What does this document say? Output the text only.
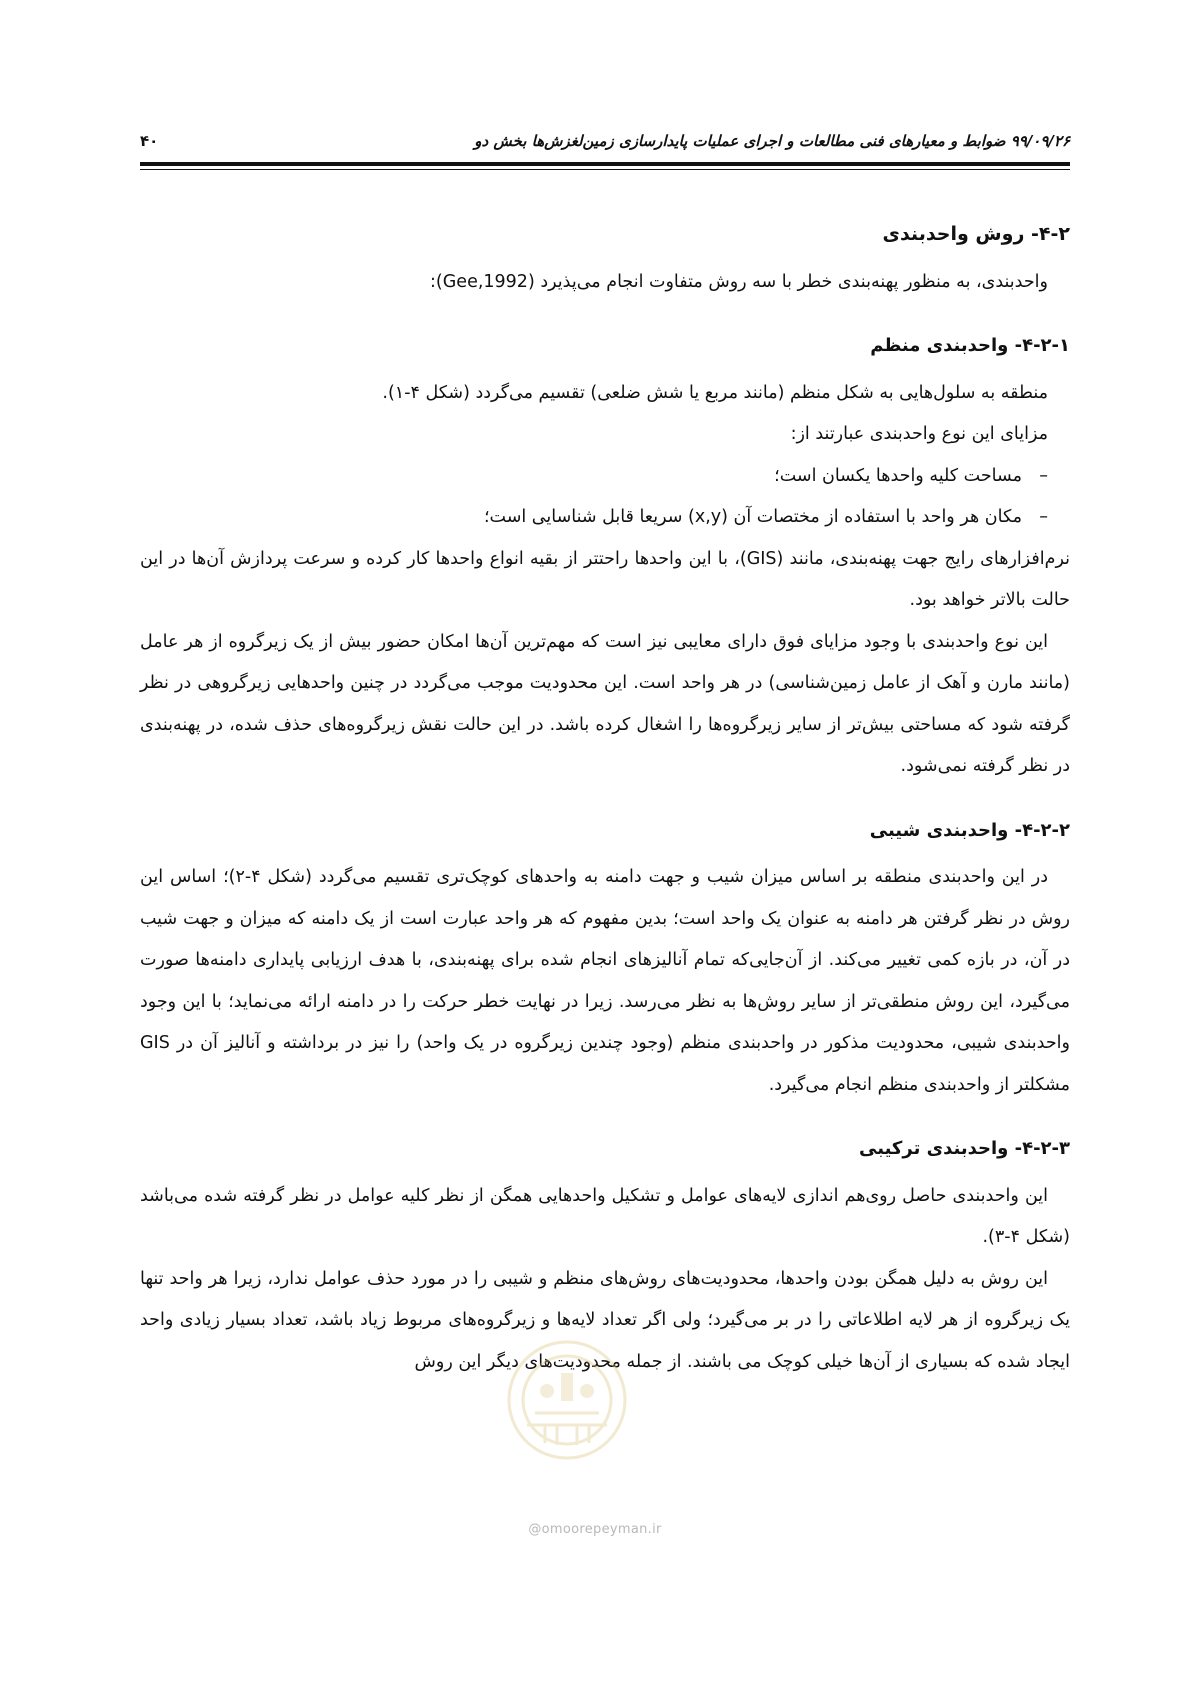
۹۹/۰۹/۲۶ ضوابط و معیارهای فنی مطالعات و اجرای عملیات پایدارسازی زمین‌لغزش‌ها بخش دو
۴۰
۴-۲- روش واحدبندی

واحدبندی، به منظور پهنه‌بندی خطر با سه روش متفاوت انجام می‌پذیرد (Gee,1992):

۴-۲-۱- واحدبندی منظم

منطقه به سلول‌هایی به شکل منظم (مانند مربع یا شش ضلعی) تقسیم می‌گردد (شکل ۴-۱).

مزایای این نوع واحدبندی عبارتند از:

–مساحت کلیه واحدها یکسان است؛
–مکان هر واحد با استفاده از مختصات آن (x,y) سریعا قابل شناسایی است؛

نرم‌افزارهای رایج جهت پهنه‌بندی، مانند (GIS)، با این واحدها راحتتر از بقیه انواع واحدها کار کرده و سرعت پردازش آن‌ها در این حالت بالاتر خواهد بود.

این نوع واحدبندی با وجود مزایای فوق دارای معایبی نیز است که مهم‌ترین آن‌ها امکان حضور بیش از یک زیرگروه از هر عامل (مانند مارن و آهک از عامل زمین‌شناسی) در هر واحد است. این محدودیت موجب می‌گردد در چنین واحدهایی زیرگروهی در نظر گرفته شود که مساحتی بیش‌تر از سایر زیرگروه‌ها را اشغال کرده باشد. در این حالت نقش زیرگروه‌های حذف شده، در پهنه‌بندی در نظر گرفته نمی‌شود.

۴-۲-۲- واحدبندی شیبی

در این واحدبندی منطقه بر اساس میزان شیب و جهت دامنه به واحدهای کوچک‌تری تقسیم می‌گردد (شکل ۴-۲)؛ اساس این روش در نظر گرفتن هر دامنه به عنوان یک واحد است؛ بدین مفهوم که هر واحد عبارت است از یک دامنه که میزان و جهت شیب در آن، در بازه کمی تغییر می‌کند. از آن‌جایی‌که تمام آنالیزهای انجام شده برای پهنه‌بندی، با هدف ارزیابی پایداری دامنه‌ها صورت می‌گیرد، این روش منطقی‌تر از سایر روش‌ها به نظر می‌رسد. زیرا در نهایت خطر حرکت را در دامنه ارائه می‌نماید؛ با این وجود واحدبندی شیبی، محدودیت مذکور در واحدبندی منظم (وجود چندین زیرگروه در یک واحد) را نیز در برداشته و آنالیز آن در GIS مشکلتر از واحدبندی منظم انجام می‌گیرد.

۴-۲-۳- واحدبندی ترکیبی

این واحدبندی حاصل روی‌هم اندازی لایه‌های عوامل و تشکیل واحدهایی همگن از نظر کلیه عوامل در نظر گرفته شده می‌باشد (شکل ۴-۳).

این روش به دلیل همگن بودن واحدها، محدودیت‌های روش‌های منظم و شیبی را در مورد حذف عوامل ندارد، زیرا هر واحد تنها یک زیرگروه از هر لایه اطلاعاتی را در بر می‌گیرد؛ ولی اگر تعداد لایه‌ها و زیرگروه‌های مربوط زیاد باشد، تعداد بسیار زیادی واحد ایجاد شده که بسیاری از آن‌ها خیلی کوچک می باشند. از جمله محدودیت‌های دیگر این روش

@omoorepeyman.ir
